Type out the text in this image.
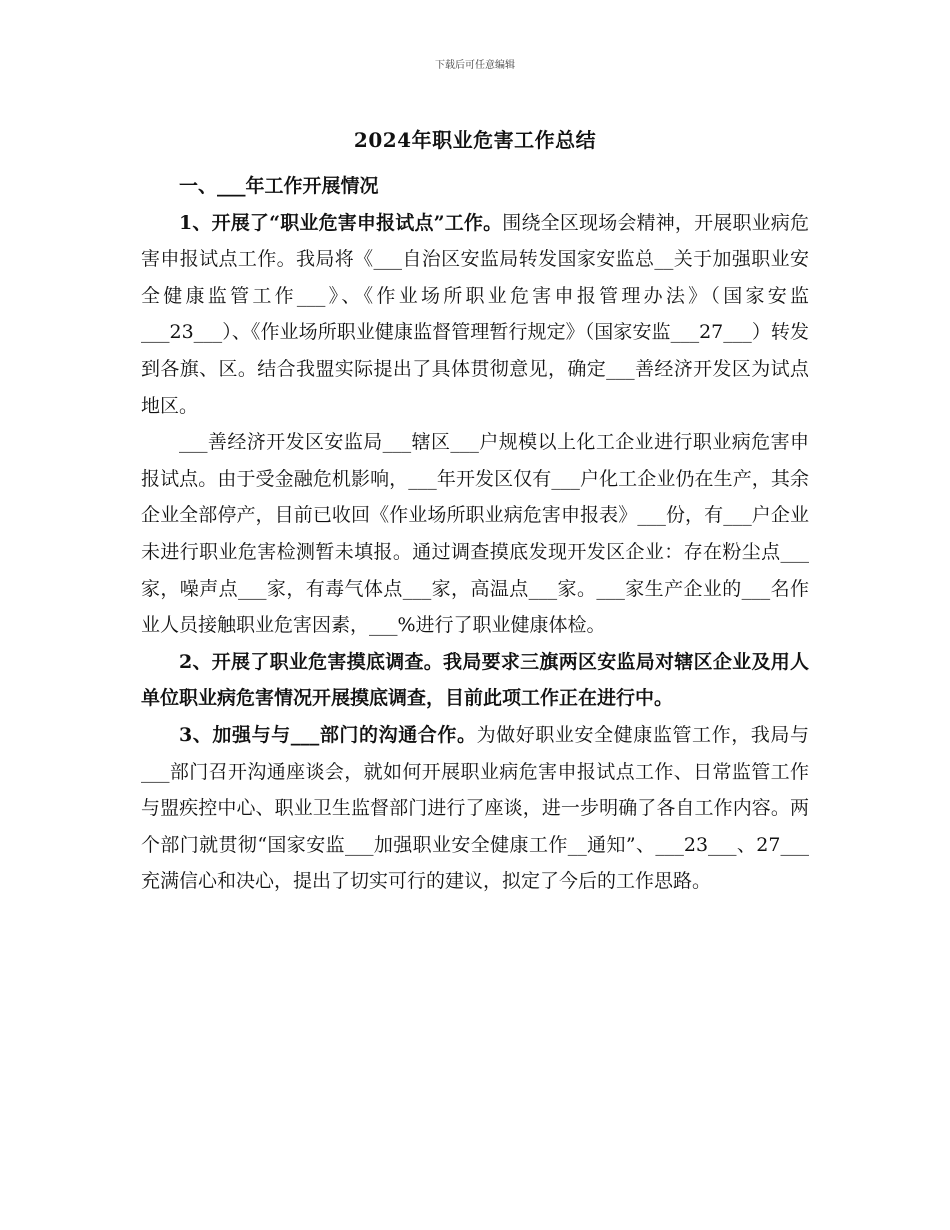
下载后可任意编辑
2024年职业危害工作总结

一、___年工作开展情况

1、开展了“职业危害申报试点”工作。围绕全区现场会精神，开展职业病危害申报试点工作。我局将《___自治区安监局转发国家安监总__关于加强职业安全健康监管工作___》、《作业场所职业危害申报管理办法》（国家安监___23___）、《作业场所职业健康监督管理暂行规定》（国家安监___27___）转发到各旗、区。结合我盟实际提出了具体贯彻意见，确定___善经济开发区为试点地区。

___善经济开发区安监局___辖区___户规模以上化工企业进行职业病危害申报试点。由于受金融危机影响，___年开发区仅有___户化工企业仍在生产，其余企业全部停产，目前已收回《作业场所职业病危害申报表》___份，有___户企业未进行职业危害检测暂未填报。通过调查摸底发现开发区企业：存在粉尘点___家，噪声点___家，有毒气体点___家，高温点___家。___家生产企业的___名作业人员接触职业危害因素，___%进行了职业健康体检。

2、开展了职业危害摸底调查。我局要求三旗两区安监局对辖区企业及用人单位职业病危害情况开展摸底调查，目前此项工作正在进行中。

3、加强与与___部门的沟通合作。为做好职业安全健康监管工作，我局与___部门召开沟通座谈会，就如何开展职业病危害申报试点工作、日常监管工作与盟疾控中心、职业卫生监督部门进行了座谈，进一步明确了各自工作内容。两个部门就贯彻“国家安监___加强职业安全健康工作__通知”、___23___、27___充满信心和决心，提出了切实可行的建议，拟定了今后的工作思路。
